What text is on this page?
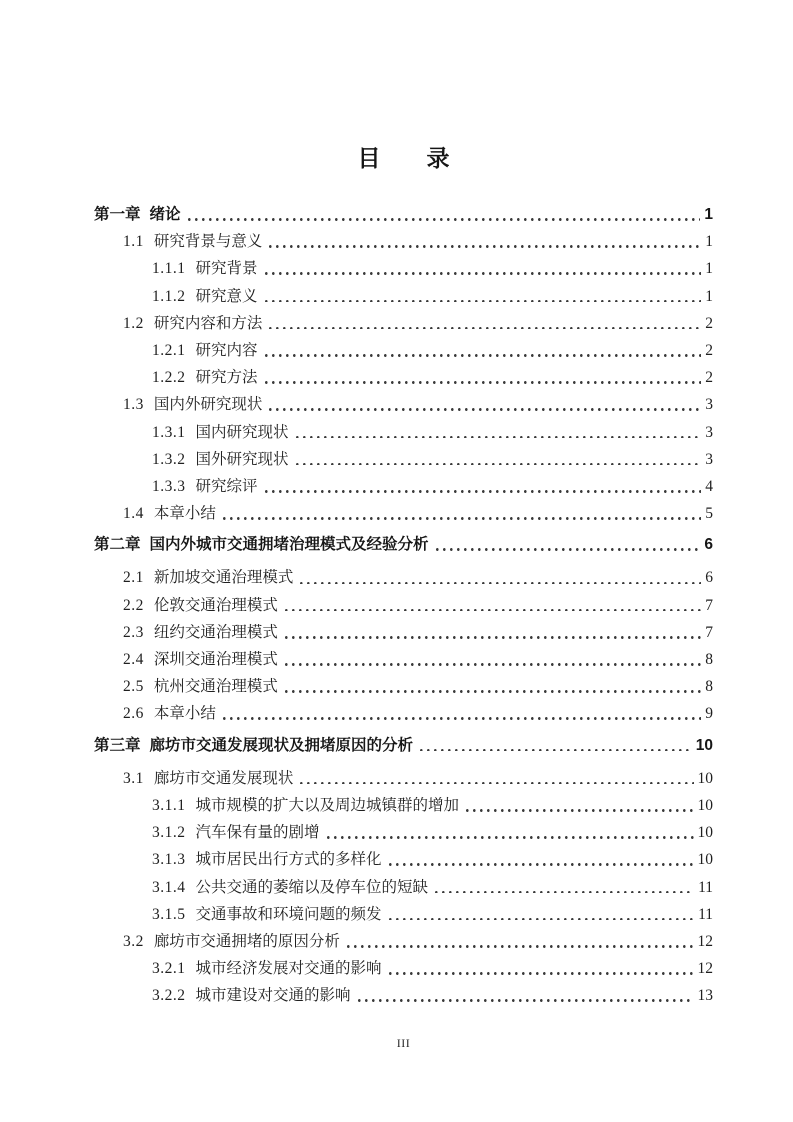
目　　录
第一章 绪论	1
1.1 研究背景与意义	1
1.1.1 研究背景	1
1.1.2 研究意义	1
1.2 研究内容和方法	2
1.2.1 研究内容	2
1.2.2 研究方法	2
1.3 国内外研究现状	3
1.3.1 国内研究现状	3
1.3.2 国外研究现状	3
1.3.3 研究综评	4
1.4 本章小结	5
第二章 国内外城市交通拥堵治理模式及经验分析	6
2.1 新加坡交通治理模式	6
2.2 伦敦交通治理模式	7
2.3 纽约交通治理模式	7
2.4 深圳交通治理模式	8
2.5 杭州交通治理模式	8
2.6 本章小结	9
第三章 廊坊市交通发展现状及拥堵原因的分析	10
3.1 廊坊市交通发展现状	10
3.1.1 城市规模的扩大以及周边城镇群的增加	10
3.1.2 汽车保有量的剧增	10
3.1.3 城市居民出行方式的多样化	10
3.1.4 公共交通的萎缩以及停车位的短缺	11
3.1.5 交通事故和环境问题的频发	11
3.2 廊坊市交通拥堵的原因分析	12
3.2.1 城市经济发展对交通的影响	12
3.2.2 城市建设对交通的影响	13
III
